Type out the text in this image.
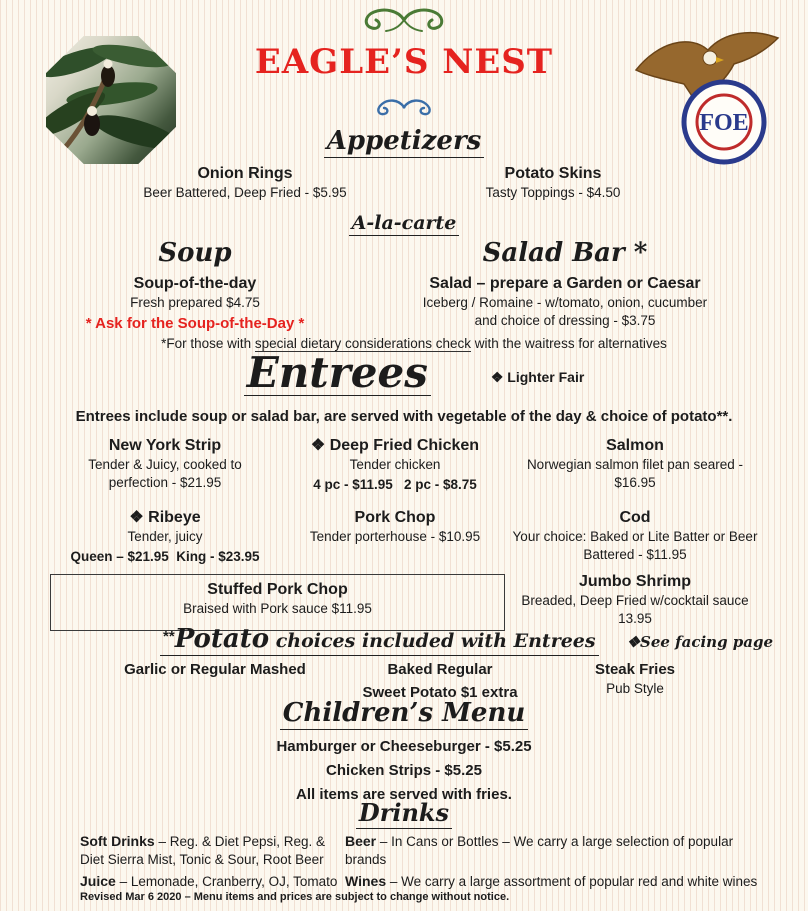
FOE
EAGLE’S NEST
Appetizers
Onion Rings
Beer Battered, Deep Fried - $5.95
Potato Skins
Tasty Toppings - $4.50
A-la-carte
Soup
Soup-of-the-day
Fresh prepared $4.75
* Ask for the Soup-of-the-Day *
Salad Bar *
Salad – prepare a Garden or Caesar
Iceberg / Romaine - w/tomato, onion, cucumber
and choice of dressing - $3.75
*For those with special dietary considerations check with the waitress for alternatives
Entrees	❖ Lighter Fair
Entrees include soup or salad bar, are served with vegetable of the day & choice of potato**.
New York Strip
Tender & Juicy, cooked to perfection - $21.95
❖ Deep Fried Chicken
Tender chicken
4 pc - $11.95   2 pc - $8.75
Salmon
Norwegian salmon filet pan seared - $16.95
❖ Ribeye
Tender, juicy
Queen – $21.95  King - $23.95
Pork Chop
Tender porterhouse - $10.95
Cod
Your choice: Baked or Lite Batter or Beer Battered - $11.95
Stuffed Pork Chop
Braised with Pork sauce $11.95
Jumbo Shrimp
Breaded, Deep Fried w/cocktail sauce
13.95
**Potato choices included with Entrees ❖See facing page
Garlic or Regular Mashed	Baked Regular
Sweet Potato $1 extra
Steak Fries
Pub Style
Children’s Menu
Hamburger or Cheeseburger - $5.25
Chicken Strips - $5.25
All items are served with fries.
Drinks
Soft Drinks – Reg. & Diet Pepsi, Reg. & Diet Sierra Mist, Tonic & Sour, Root Beer
Juice – Lemonade, Cranberry, OJ, Tomato
Beer – In Cans or Bottles – We carry a large selection of popular brands
Wines – We carry a large assortment of popular red and white wines
Revised Mar 6 2020 – Menu items and prices are subject to change without notice.
